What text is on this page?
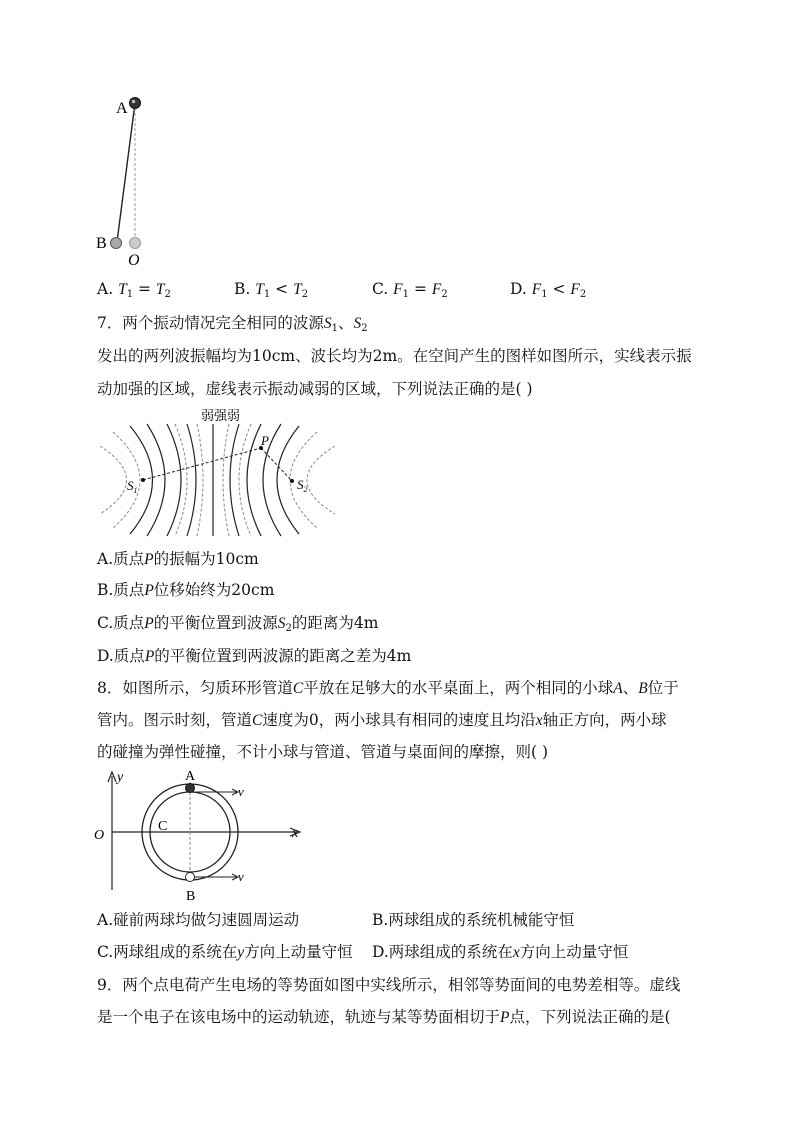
A
B
O
A. $T_1 = T_2$	B. $T_1 < T_2$	C. $F_1 = F_2$	D. $F_1 < F_2$
7．两个振动情况完全相同的波源$S_1$、$S_2$
发出的两列波振幅均为10cm、波长均为2m。在空间产生的图样如图所示，实线表示振
动加强的区域，虚线表示振动减弱的区域，下列说法正确的是( )
弱强弱
P
$S_1$	$S_2$
A.质点P的振幅为10cm
B.质点P位移始终为20cm
C.质点P的平衡位置到波源$S_2$的距离为4m
D.质点P的平衡位置到两波源的距离之差为4m
8．如图所示，匀质环形管道C平放在足够大的水平桌面上，两个相同的小球A、B位于
管内。图示时刻，管道C速度为0，两小球具有相同的速度且均沿x轴正方向，两小球
的碰撞为弹性碰撞，不计小球与管道、管道与桌面间的摩擦，则( )
y
x
O
C
A
v
B
v
A.碰前两球均做匀速圆周运动	B.两球组成的系统机械能守恒
C.两球组成的系统在y方向上动量守恒 D.两球组成的系统在x方向上动量守恒
9．两个点电荷产生电场的等势面如图中实线所示，相邻等势面间的电势差相等。虚线
是一个电子在该电场中的运动轨迹，轨迹与某等势面相切于P点，下列说法正确的是(
